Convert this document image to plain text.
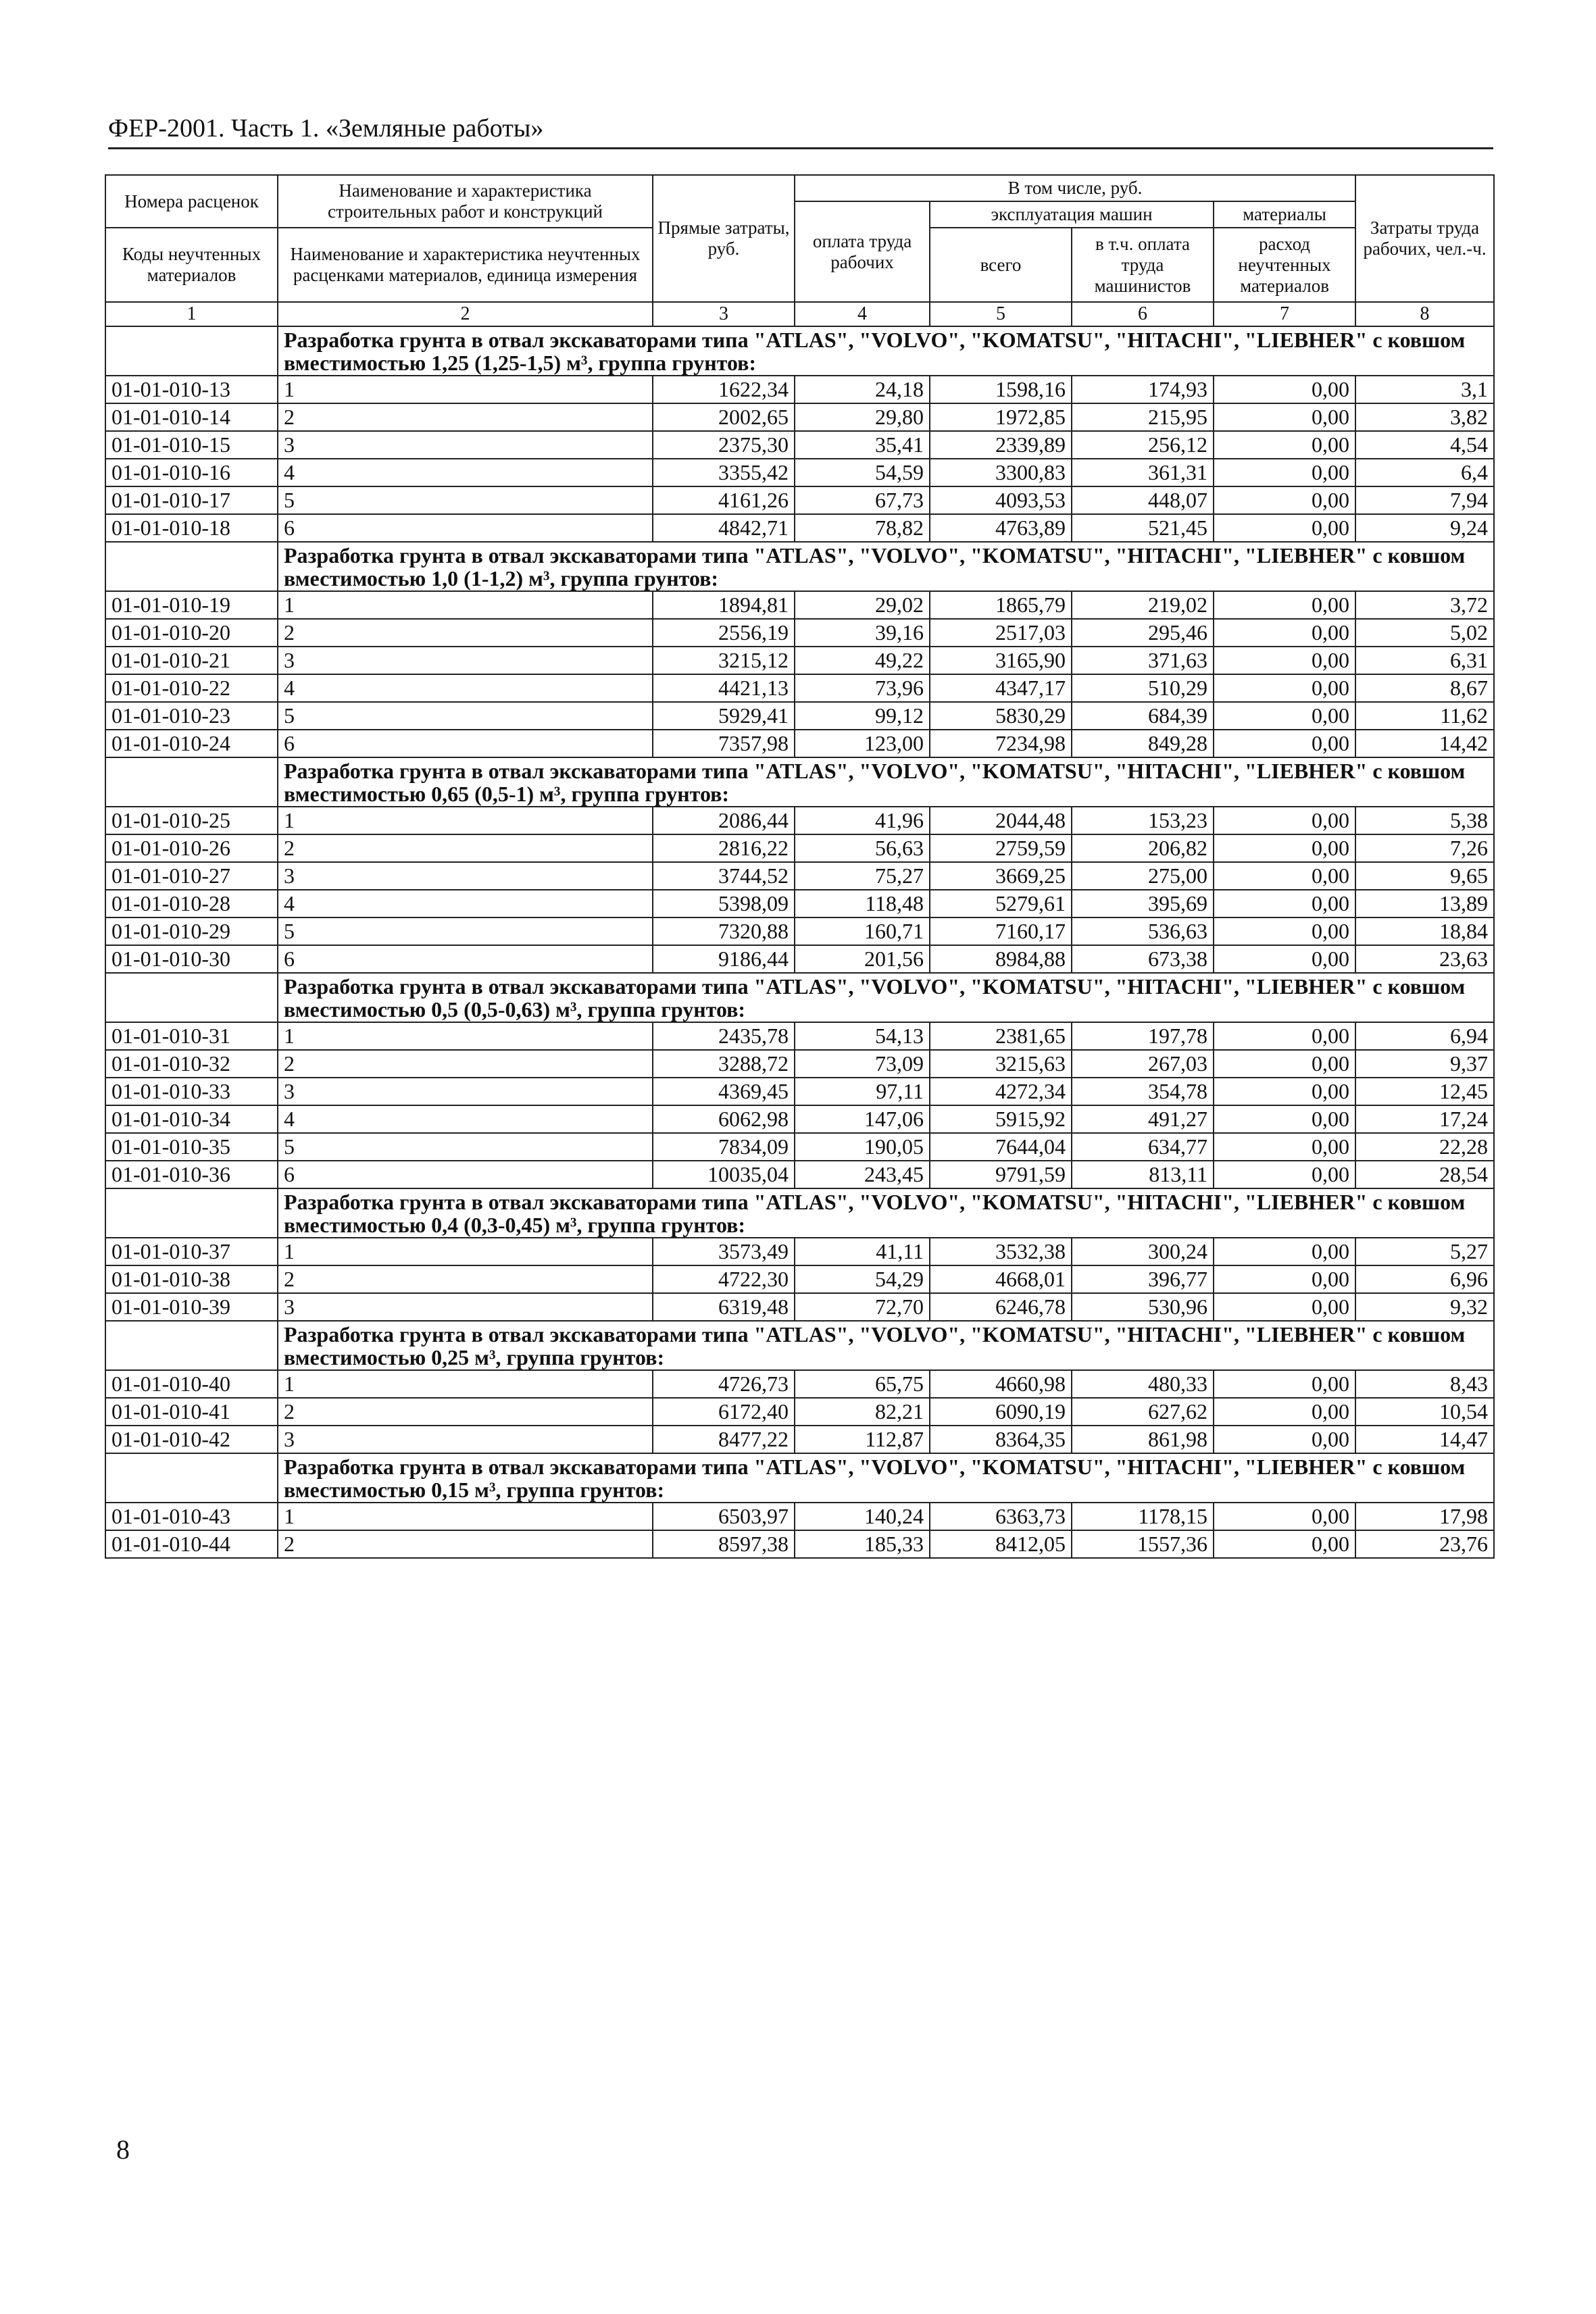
ФЕР-2001. Часть 1. «Земляные работы»
Номера расценок	Наименование и характеристика строительных работ и конструкций	Прямые затраты, руб.	В том числе, руб.				Затраты труда рабочих, чел.-ч.
			оплата труда рабочих	эксплуатация машин		материалы	
Коды неучтенных материалов	Наименование и характеристика неучтенных расценками материалов, единица измерения			всего	в т.ч. оплата труда машинистов	расход неучтенных материалов	

1	2	3	4	5	6	7	8
	Разработка грунта в отвал экскаваторами типа "ATLAS", "VOLVO", "KOMATSU", "HITACHI", "LIEBHER" с ковшом вместимостью 1,25 (1,25-1,5) м³, группа грунтов:						
01-01-010-13	1	1622,34	24,18	1598,16	174,93	0,00	3,1
01-01-010-14	2	2002,65	29,80	1972,85	215,95	0,00	3,82
01-01-010-15	3	2375,30	35,41	2339,89	256,12	0,00	4,54
01-01-010-16	4	3355,42	54,59	3300,83	361,31	0,00	6,4
01-01-010-17	5	4161,26	67,73	4093,53	448,07	0,00	7,94
01-01-010-18	6	4842,71	78,82	4763,89	521,45	0,00	9,24
	Разработка грунта в отвал экскаваторами типа "ATLAS", "VOLVO", "KOMATSU", "HITACHI", "LIEBHER" с ковшом вместимостью 1,0 (1-1,2) м³, группа грунтов:						
01-01-010-19	1	1894,81	29,02	1865,79	219,02	0,00	3,72
01-01-010-20	2	2556,19	39,16	2517,03	295,46	0,00	5,02
01-01-010-21	3	3215,12	49,22	3165,90	371,63	0,00	6,31
01-01-010-22	4	4421,13	73,96	4347,17	510,29	0,00	8,67
01-01-010-23	5	5929,41	99,12	5830,29	684,39	0,00	11,62
01-01-010-24	6	7357,98	123,00	7234,98	849,28	0,00	14,42
	Разработка грунта в отвал экскаваторами типа "ATLAS", "VOLVO", "KOMATSU", "HITACHI", "LIEBHER" с ковшом вместимостью 0,65 (0,5-1) м³, группа грунтов:						
01-01-010-25	1	2086,44	41,96	2044,48	153,23	0,00	5,38
01-01-010-26	2	2816,22	56,63	2759,59	206,82	0,00	7,26
01-01-010-27	3	3744,52	75,27	3669,25	275,00	0,00	9,65
01-01-010-28	4	5398,09	118,48	5279,61	395,69	0,00	13,89
01-01-010-29	5	7320,88	160,71	7160,17	536,63	0,00	18,84
01-01-010-30	6	9186,44	201,56	8984,88	673,38	0,00	23,63
	Разработка грунта в отвал экскаваторами типа "ATLAS", "VOLVO", "KOMATSU", "HITACHI", "LIEBHER" с ковшом вместимостью 0,5 (0,5-0,63) м³, группа грунтов:						
01-01-010-31	1	2435,78	54,13	2381,65	197,78	0,00	6,94
01-01-010-32	2	3288,72	73,09	3215,63	267,03	0,00	9,37
01-01-010-33	3	4369,45	97,11	4272,34	354,78	0,00	12,45
01-01-010-34	4	6062,98	147,06	5915,92	491,27	0,00	17,24
01-01-010-35	5	7834,09	190,05	7644,04	634,77	0,00	22,28
01-01-010-36	6	10035,04	243,45	9791,59	813,11	0,00	28,54
	Разработка грунта в отвал экскаваторами типа "ATLAS", "VOLVO", "KOMATSU", "HITACHI", "LIEBHER" с ковшом вместимостью 0,4 (0,3-0,45) м³, группа грунтов:						
01-01-010-37	1	3573,49	41,11	3532,38	300,24	0,00	5,27
01-01-010-38	2	4722,30	54,29	4668,01	396,77	0,00	6,96
01-01-010-39	3	6319,48	72,70	6246,78	530,96	0,00	9,32
	Разработка грунта в отвал экскаваторами типа "ATLAS", "VOLVO", "KOMATSU", "HITACHI", "LIEBHER" с ковшом вместимостью 0,25 м³, группа грунтов:						
01-01-010-40	1	4726,73	65,75	4660,98	480,33	0,00	8,43
01-01-010-41	2	6172,40	82,21	6090,19	627,62	0,00	10,54
01-01-010-42	3	8477,22	112,87	8364,35	861,98	0,00	14,47
	Разработка грунта в отвал экскаваторами типа "ATLAS", "VOLVO", "KOMATSU", "HITACHI", "LIEBHER" с ковшом вместимостью 0,15 м³, группа грунтов:						
01-01-010-43	1	6503,97	140,24	6363,73	1178,15	0,00	17,98
01-01-010-44	2	8597,38	185,33	8412,05	1557,36	0,00	23,76
8
